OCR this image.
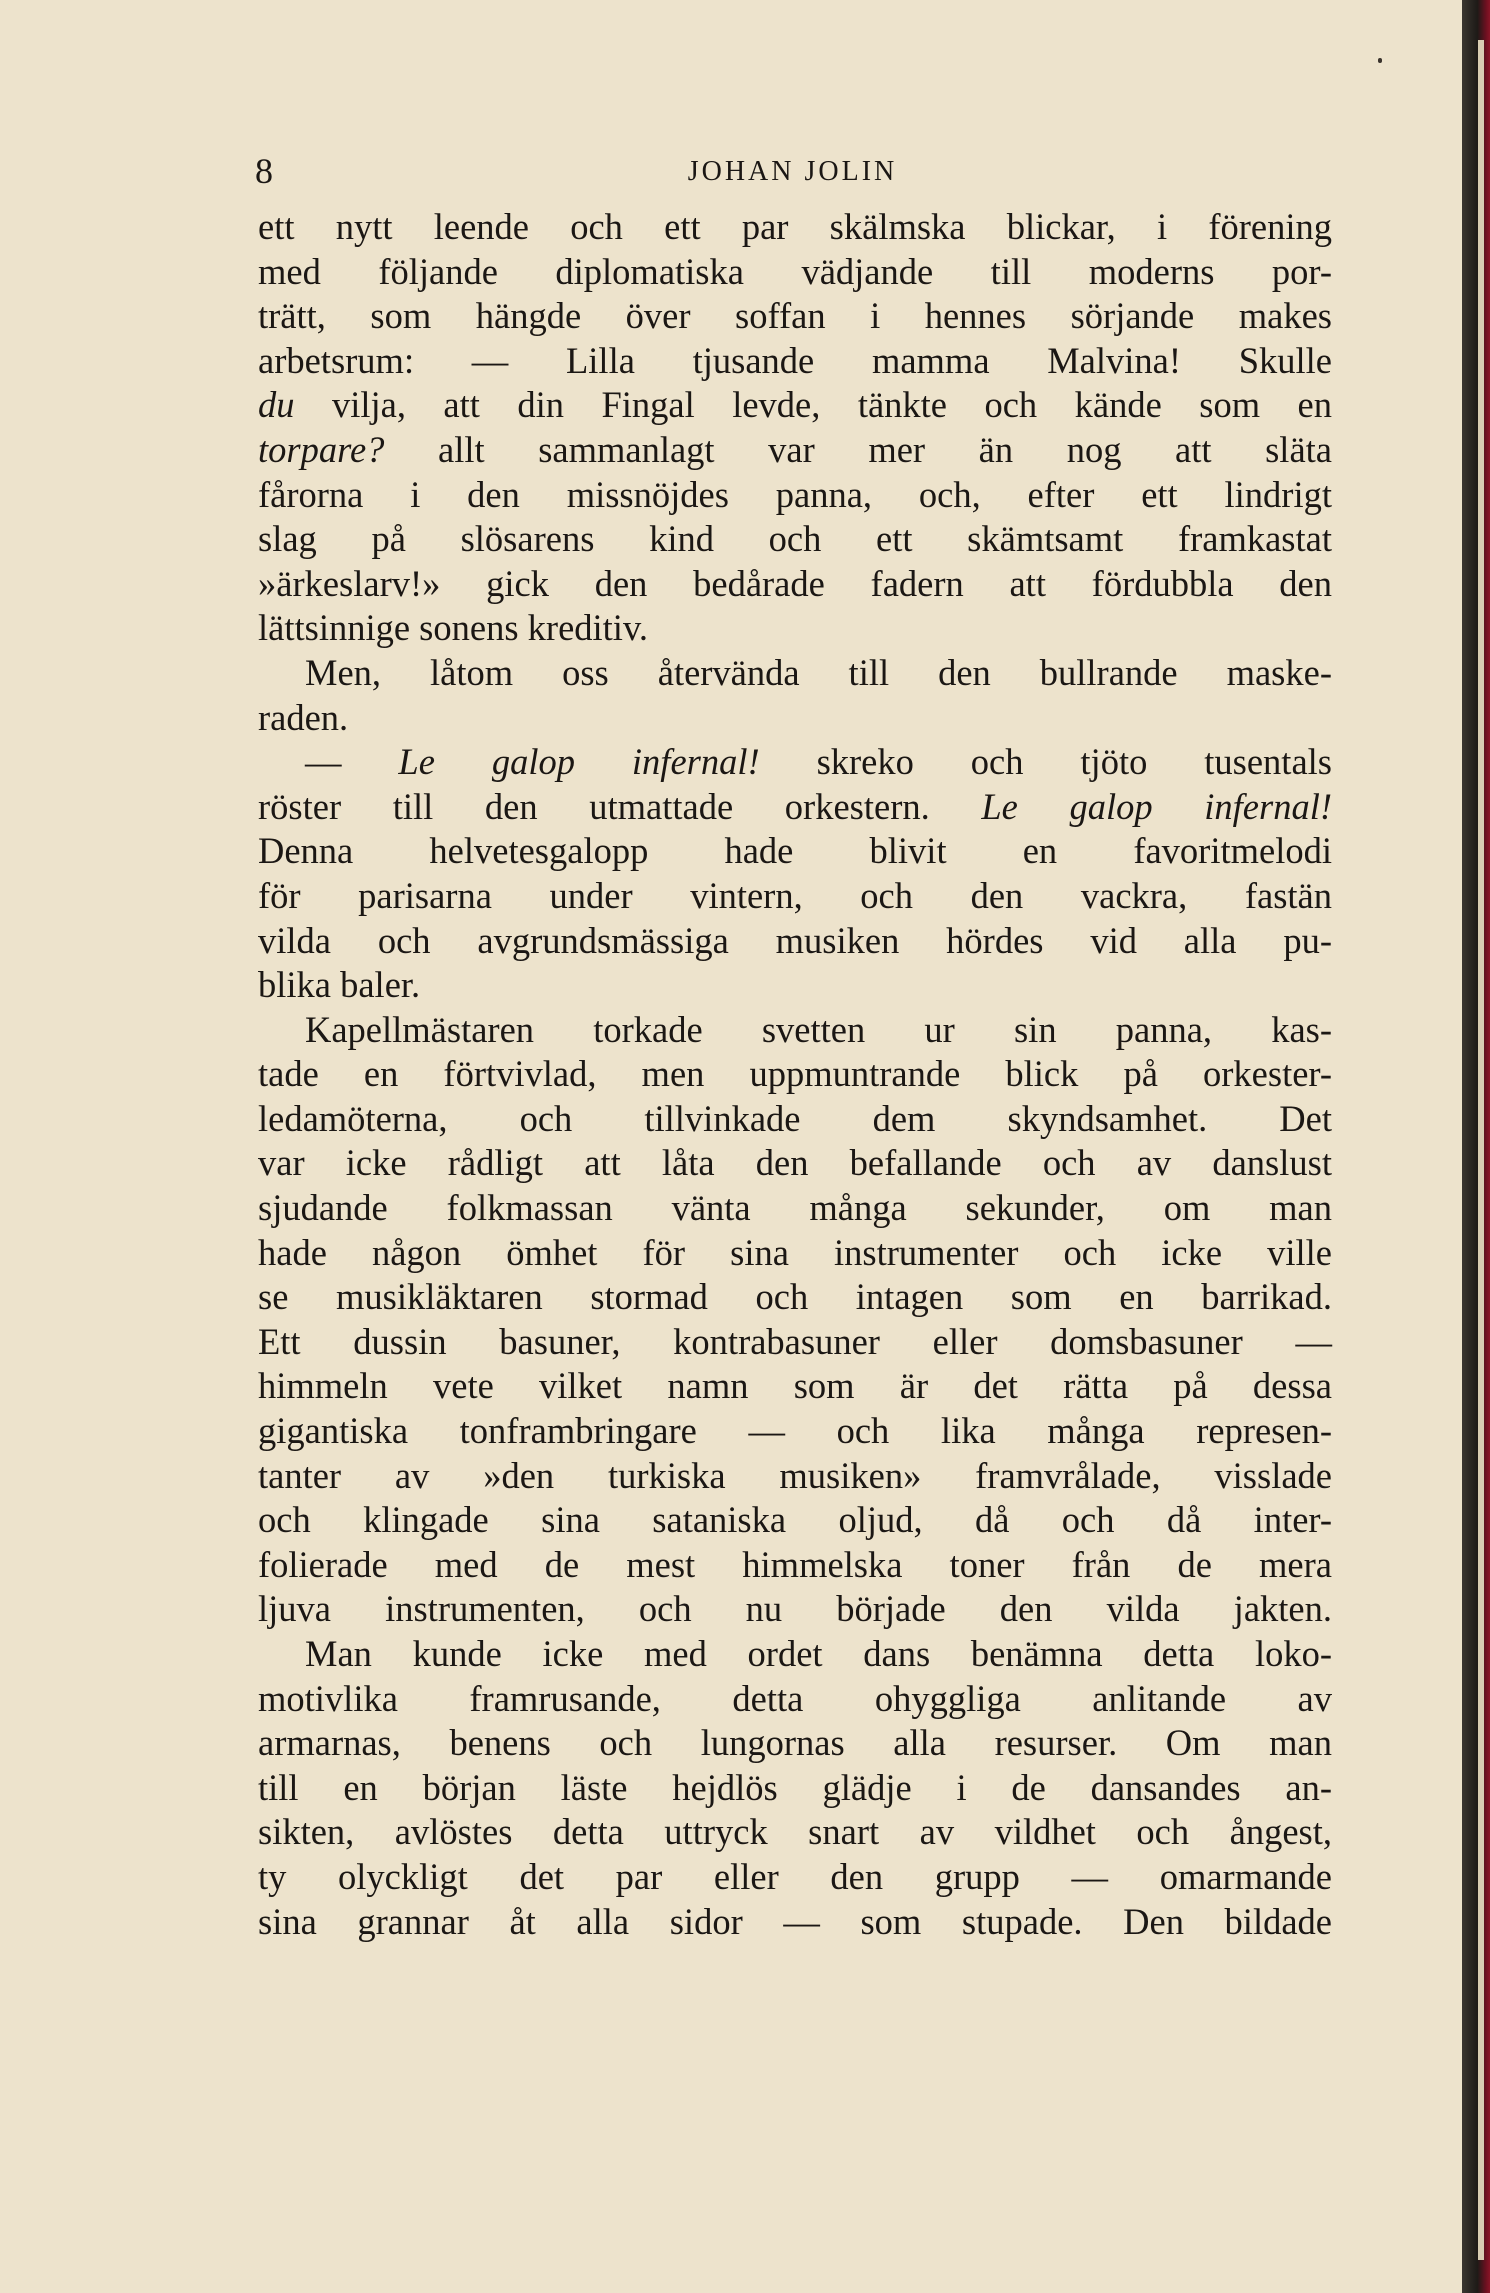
8	JOHAN JOLIN
ett nytt leende och ett par skälmska blickar, i förening
med följande diplomatiska vädjande till moderns por-
trätt, som hängde över soffan i hennes sörjande makes
arbetsrum: — Lilla tjusande mamma Malvina! Skulle
du vilja, att din Fingal levde, tänkte och kände som en
torpare? allt sammanlagt var mer än nog att släta
fårorna i den missnöjdes panna, och, efter ett lindrigt
slag på slösarens kind och ett skämtsamt framkastat
»ärkeslarv!» gick den bedårade fadern att fördubbla den
lättsinnige sonens kreditiv.
Men, låtom oss återvända till den bullrande maske-
raden.
— Le galop infernal! skreko och tjöto tusentals
röster till den utmattade orkestern. Le galop infernal!
Denna helvetesgalopp hade blivit en favoritmelodi
för parisarna under vintern, och den vackra, fastän
vilda och avgrundsmässiga musiken hördes vid alla pu-
blika baler.
Kapellmästaren torkade svetten ur sin panna, kas-
tade en förtvivlad, men uppmuntrande blick på orkester-
ledamöterna, och tillvinkade dem skyndsamhet. Det
var icke rådligt att låta den befallande och av danslust
sjudande folkmassan vänta många sekunder, om man
hade någon ömhet för sina instrumenter och icke ville
se musikläktaren stormad och intagen som en barrikad.
Ett dussin basuner, kontrabasuner eller domsbasuner —
himmeln vete vilket namn som är det rätta på dessa
gigantiska tonframbringare — och lika många represen-
tanter av »den turkiska musiken» framvrålade, visslade
och klingade sina sataniska oljud, då och då inter-
folierade med de mest himmelska toner från de mera
ljuva instrumenten, och nu började den vilda jakten.
Man kunde icke med ordet dans benämna detta loko-
motivlika framrusande, detta ohyggliga anlitande av
armarnas, benens och lungornas alla resurser. Om man
till en början läste hejdlös glädje i de dansandes an-
sikten, avlöstes detta uttryck snart av vildhet och ångest,
ty olyckligt det par eller den grupp — omarmande
sina grannar åt alla sidor — som stupade. Den bildade
